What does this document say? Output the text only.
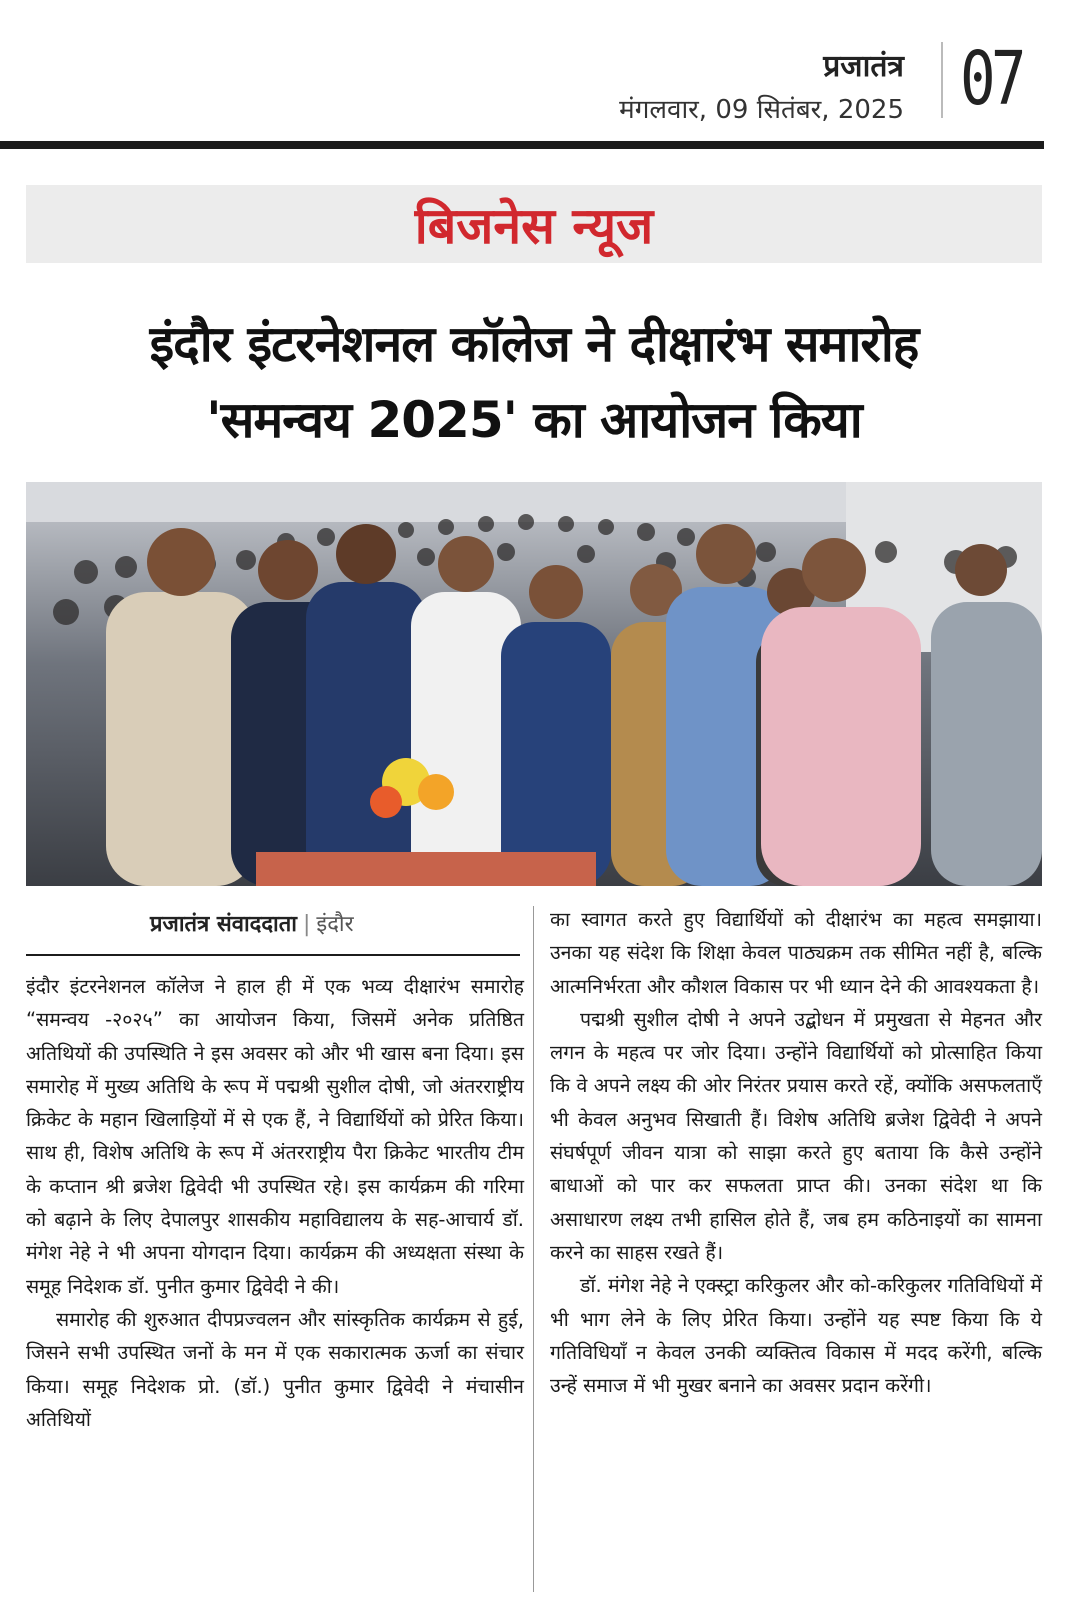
प्रजातंत्र
मंगलवार, 09 सितंबर, 2025 07
बिजनेस न्यूज
इंदौर इंटरनेशनल कॉलेज ने दीक्षारंभ समारोह
'समन्वय 2025' का आयोजन किया
प्रजातंत्र संवाददाता | इंदौर

इंदौर इंटरनेशनल कॉलेज ने हाल ही में एक भव्य दीक्षारंभ समारोह “समन्वय -२०२५” का आयोजन किया, जिसमें अनेक प्रतिष्ठित अतिथियों की उपस्थिति ने इस अवसर को और भी खास बना दिया। इस समारोह में मुख्य अतिथि के रूप में पद्मश्री सुशील दोषी, जो अंतरराष्ट्रीय क्रिकेट के महान खिलाड़ियों में से एक हैं, ने विद्यार्थियों को प्रेरित किया। साथ ही, विशेष अतिथि के रूप में अंतरराष्ट्रीय पैरा क्रिकेट भारतीय टीम के कप्तान श्री ब्रजेश द्विवेदी भी उपस्थित रहे। इस कार्यक्रम की गरिमा को बढ़ाने के लिए देपालपुर शासकीय महाविद्यालय के सह-आचार्य डॉ. मंगेश नेहे ने भी अपना योगदान दिया। कार्यक्रम की अध्यक्षता संस्था के समूह निदेशक डॉ. पुनीत कुमार द्विवेदी ने की।

समारोह की शुरुआत दीपप्रज्वलन और सांस्कृतिक कार्यक्रम से हुई, जिसने सभी उपस्थित जनों के मन में एक सकारात्मक ऊर्जा का संचार किया। समूह निदेशक प्रो. (डॉ.) पुनीत कुमार द्विवेदी ने मंचासीन अतिथियों

का स्वागत करते हुए विद्यार्थियों को दीक्षारंभ का महत्व समझाया। उनका यह संदेश कि शिक्षा केवल पाठ्यक्रम तक सीमित नहीं है, बल्कि आत्मनिर्भरता और कौशल विकास पर भी ध्यान देने की आवश्यकता है।

पद्मश्री सुशील दोषी ने अपने उद्बोधन में प्रमुखता से मेहनत और लगन के महत्व पर जोर दिया। उन्होंने विद्यार्थियों को प्रोत्साहित किया कि वे अपने लक्ष्य की ओर निरंतर प्रयास करते रहें, क्योंकि असफलताएँ भी केवल अनुभव सिखाती हैं। विशेष अतिथि ब्रजेश द्विवेदी ने अपने संघर्षपूर्ण जीवन यात्रा को साझा करते हुए बताया कि कैसे उन्होंने बाधाओं को पार कर सफलता प्राप्त की। उनका संदेश था कि असाधारण लक्ष्य तभी हासिल होते हैं, जब हम कठिनाइयों का सामना करने का साहस रखते हैं।

डॉ. मंगेश नेहे ने एक्स्ट्रा करिकुलर और को-करिकुलर गतिविधियों में भी भाग लेने के लिए प्रेरित किया। उन्होंने यह स्पष्ट किया कि ये गतिविधियाँ न केवल उनकी व्यक्तित्व विकास में मदद करेंगी, बल्कि उन्हें समाज में भी मुखर बनाने का अवसर प्रदान करेंगी।
